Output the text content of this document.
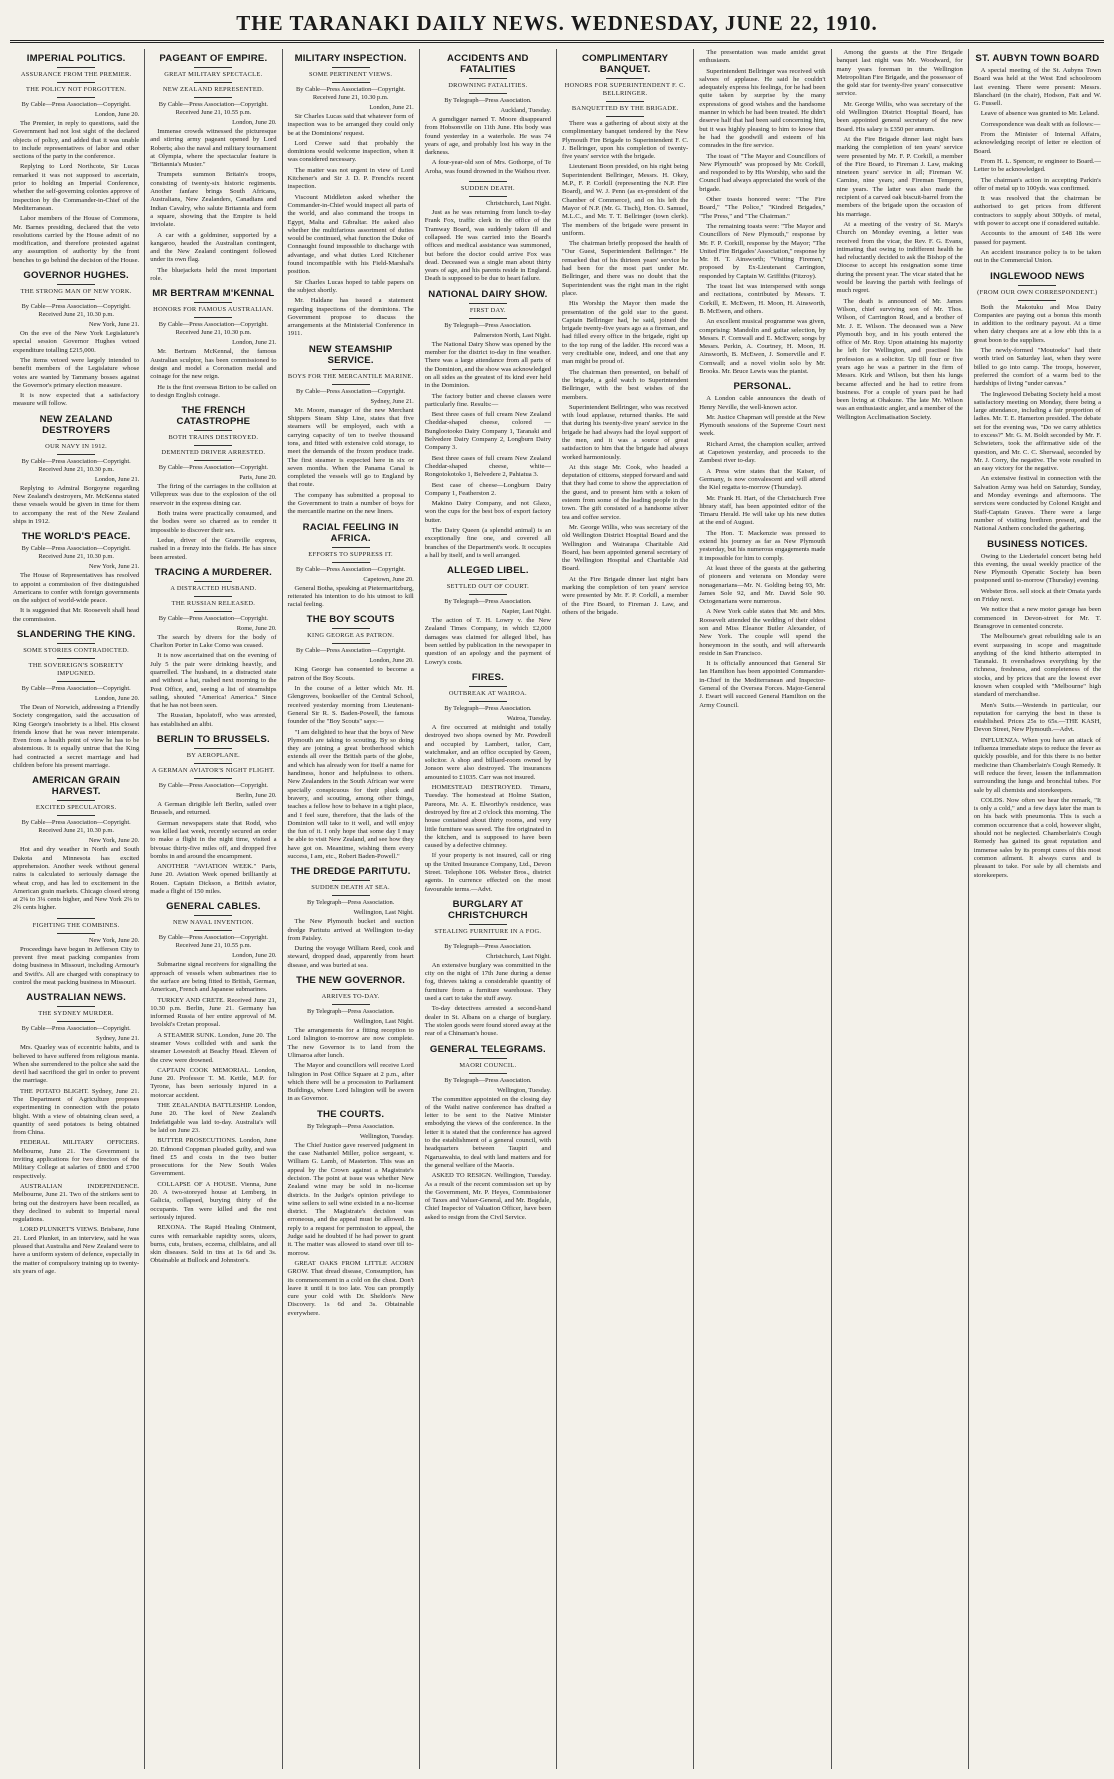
THE TARANAKI DAILY NEWS. WEDNESDAY, JUNE 22, 1910.
IMPERIAL POLITICS.
ASSURANCE FROM THE PREMIER.
THE POLICY NOT FORGOTTEN.
By Cable—Press Association—Copyright.
London, June 20.

The Premier, in reply to questions, said the Government had not lost sight of the declared objects of policy, and added that it was unable to include representatives of labor and other sections of the party in the conference.

Replying to Lord Northcote, Sir Lucas remarked it was not supposed to ascertain, prior to holding an Imperial Conference, whether the self-governing colonies approve of inspection by the Commander-in-Chief of the Mediterranean.

Labor members of the House of Commons, Mr. Barnes presiding, declared that the veto resolutions carried by the House admit of no modification, and therefore protested against any assumption of authority by the front benches to go behind the decision of the House.

GOVERNOR HUGHES.
THE STRONG MAN OF NEW YORK.
By Cable—Press Association—Copyright. Received June 21, 10.30 p.m.
New York, June 21.

On the eve of the New York Legislature's special session Governor Hughes vetoed expenditure totalling £215,000.

The items vetoed were largely intended to benefit members of the Legislature whose votes are wanted by Tammany bosses against the Governor's primary election measure.

It is now expected that a satisfactory measure will follow.

NEW ZEALAND DESTROYERS
OUR NAVY IN 1912.
By Cable—Press Association—Copyright. Received June 21, 10.30 p.m.
London, June 21.

Replying to Admiral Borgoyne regarding New Zealand's destroyers, Mr. McKenna stated these vessels would be given in time for them to accompany the rest of the New Zealand ships in 1912.

THE WORLD'S PEACE.
By Cable—Press Association—Copyright. Received June 21, 10.30 p.m.
New York, June 21.

The House of Representatives has resolved to appoint a commission of five distinguished Americans to confer with foreign governments on the subject of world-wide peace.

It is suggested that Mr. Roosevelt shall head the commission.

SLANDERING THE KING.
SOME STORIES CONTRADICTED.
THE SOVEREIGN'S SOBRIETY IMPUGNED.
By Cable—Press Association—Copyright.
London, June 20.

The Dean of Norwich, addressing a Friendly Society congregation, said the accusation of King George's insobriety is a libel. His closest friends know that he was never intemperate. Even from a health point of view he has to be abstemious. It is equally untrue that the King had contracted a secret marriage and had children before his present marriage.

AMERICAN GRAIN HARVEST.
EXCITED SPECULATORS.
By Cable—Press Association—Copyright. Received June 21, 10.30 p.m.
New York, June 20.

Hot and dry weather in North and South Dakota and Minnesota has excited apprehension. Another week without general rains is calculated to seriously damage the wheat crop, and has led to excitement in the American grain markets. Chicago closed strong at 2⅛ to 3¼ cents higher, and New York 2¼ to 2¾ cents higher.

FIGHTING THE COMBINES.
New York, June 20.

Proceedings have begun in Jefferson City to prevent five meat packing companies from doing business in Missouri, including Armour's and Swift's. All are charged with conspiracy to control the meat packing business in Missouri.

AUSTRALIAN NEWS.
THE SYDNEY MURDER.
By Cable—Press Association—Copyright.
Sydney, June 21.

Mrs. Quarley was of eccentric habits, and is believed to have suffered from religious mania. When she surrendered to the police she said the devil had sacrificed the girl in order to prevent the marriage.

THE POTATO BLIGHT. Sydney, June 21. The Department of Agriculture proposes experimenting in connection with the potato blight. With a view of obtaining clean seed, a quantity of seed potatoes is being obtained from China.

FEDERAL MILITARY OFFICERS. Melbourne, June 21. The Government is inviting applications for two directors of the Military College at salaries of £800 and £700 respectively.

AUSTRALIAN INDEPENDENCE. Melbourne, June 21. Two of the strikers sent to bring out the destroyers have been recalled, as they declined to submit to Imperial naval regulations.

LORD PLUNKET'S VIEWS. Brisbane, June 21. Lord Plunket, in an interview, said he was pleased that Australia and New Zealand were to have a uniform system of defence, especially in the matter of compulsory training up to twenty-six years of age.

PAGEANT OF EMPIRE.
GREAT MILITARY SPECTACLE.
NEW ZEALAND REPRESENTED.
By Cable—Press Association—Copyright. Received June 21, 10.55 p.m.
London, June 20.

Immense crowds witnessed the picturesque and stirring army pageant opened by Lord Roberts; also the naval and military tournament at Olympia, where the spectacular feature is "Britannia's Muster."

Trumpets summon Britain's troops, consisting of twenty-six historic regiments. Another fanfare brings South Africans, Australians, New Zealanders, Canadians and Indian Cavalry, who salute Britannia and form a square, showing that the Empire is held inviolate.

A car with a goldminer, supported by a kangaroo, headed the Australian contingent, and the New Zealand contingent followed under its own flag.

The bluejackets held the most important role.

MR BERTRAM M'KENNAL
HONORS FOR FAMOUS AUSTRALIAN.
By Cable—Press Association—Copyright. Received June 21, 10.30 p.m.
London, June 21.

Mr. Bertram McKennal, the famous Australian sculptor, has been commissioned to design and model a Coronation medal and coinage for the new reign.

He is the first overseas Briton to be called on to design English coinage.

THE FRENCH CATASTROPHE
BOTH TRAINS DESTROYED.
DEMENTED DRIVER ARRESTED.
By Cable—Press Association—Copyright.
Paris, June 20.

The firing of the carriages in the collision at Villepreux was due to the explosion of the oil reservoir in the express dining car.

Both trains were practically consumed, and the bodies were so charred as to render it impossible to discover their sex.

Ledue, driver of the Granville express, rushed in a frenzy into the fields. He has since been arrested.

TRACING A MURDERER.
A DISTRACTED HUSBAND.
THE RUSSIAN RELEASED.
By Cable—Press Association—Copyright.
Rome, June 20.

The search by divers for the body of Charlton Porter in Lake Como was ceased.

It is now ascertained that on the evening of July 5 the pair were drinking heavily, and quarrelled. The husband, in a distracted state and without a hat, rushed next morning to the Post Office, and, seeing a list of steamships sailing, shouted "America! America." Since that he has not been seen.

The Russian, Ispolatoff, who was arrested, has established an alibi.

BERLIN TO BRUSSELS.
BY AEROPLANE.
A GERMAN AVIATOR'S NIGHT FLIGHT.
By Cable—Press Association—Copyright.
Berlin, June 20.

A German dirigible left Berlin, sailed over Brussels, and returned.

German newspapers state that Rodd, who was killed last week, recently secured an order to make a flight in the night time, visited a bivouac thirty-five miles off, and dropped five bombs in and around the encampment.

ANOTHER "AVIATION WEEK." Paris, June 20. Aviation Week opened brilliantly at Rouen. Captain Dickson, a British aviator, made a flight of 150 miles.

GENERAL CABLES.
NEW NAVAL INVENTION.
By Cable—Press Association—Copyright. Received June 21, 10.55 p.m.
London, June 20.

Submarine signal receivers for signalling the approach of vessels when submarines rise to the surface are being fitted to British, German, American, French and Japanese submarines.

TURKEY AND CRETE. Received June 21, 10.30 p.m. Berlin, June 21. Germany has informed Russia of her entire approval of M. Isvolski's Cretan proposal.

A STEAMER SUNK. London, June 20. The steamer Vows collided with and sank the steamer Lowestoft at Beachy Head. Eleven of the crew were drowned.

CAPTAIN COOK MEMORIAL. London, June 20. Professor T. M. Kettle, M.P. for Tyrone, has been seriously injured in a motorcar accident.

THE ZEALANDIA BATTLESHIP. London, June 20. The keel of New Zealand's Indefatigable was laid to-day. Australia's will be laid on June 23.

BUTTER PROSECUTIONS. London, June 20. Edmond Coppman pleaded guilty, and was fined £5 and costs in the two butter prosecutions for the New South Wales Government.

COLLAPSE OF A HOUSE. Vienna, June 20. A two-storeyed house at Lemberg, in Galicia, collapsed, burying thirty of the occupants. Ten were killed and the rest seriously injured.

REXONA. The Rapid Healing Ointment, cures with remarkable rapidity sores, ulcers, burns, cuts, bruises, eczema, chilblains, and all skin diseases. Sold in tins at 1s 6d and 3s. Obtainable at Bullock and Johnston's.

MILITARY INSPECTION.
SOME PERTINENT VIEWS.
By Cable—Press Association—Copyright. Received June 21, 10.30 p.m.
London, June 21.

Sir Charles Lucas said that whatever form of inspection was to be arranged they could only be at the Dominions' request.

Lord Crewe said that probably the dominions would welcome inspection, when it was considered necessary.

The matter was not urgent in view of Lord Kitchener's and Sir J. D. P. French's recent inspection.

Viscount Middleton asked whether the Commander-in-Chief would inspect all parts of the world, and also command the troops in Egypt, Malta and Gibraltar. He asked also whether the multifarious assortment of duties would be continued, what function the Duke of Connaught found impossible to discharge with advantage, and what duties Lord Kitchener found incompatible with his Field-Marshal's position.

Sir Charles Lucas hoped to table papers on the subject shortly.

Mr. Haldane has issued a statement regarding inspections of the dominions. The Government propose to discuss the arrangements at the Ministerial Conference in 1911.

NEW STEAMSHIP SERVICE.
BOYS FOR THE MERCANTILE MARINE.
By Cable—Press Association—Copyright.
Sydney, June 21.

Mr. Moore, manager of the new Merchant Shippers Steam Ship Line, states that five steamers will be employed, each with a carrying capacity of ten to twelve thousand tons, and fitted with extensive cold storage, to meet the demands of the frozen produce trade. The first steamer is expected here in six or seven months. When the Panama Canal is completed the vessels will go to England by that route.

The company has submitted a proposal to the Government to train a number of boys for the mercantile marine on the new liners.

RACIAL FEELING IN AFRICA.
EFFORTS TO SUPPRESS IT.
By Cable—Press Association—Copyright.
Capetown, June 20.

General Botha, speaking at Pietermaritzburg, reiterated his intention to do his utmost to kill racial feeling.

THE BOY SCOUTS
KING GEORGE AS PATRON.
By Cable—Press Association—Copyright.
London, June 20.

King George has consented to become a patron of the Boy Scouts.

In the course of a letter which Mr. H. Glengroves, bookseller of the Central School, received yesterday morning from Lieutenant-General Sir R. S. Baden-Powell, the famous founder of the "Boy Scouts" says:—

"I am delighted to hear that the boys of New Plymouth are taking to scouting. By so doing they are joining a great brotherhood which extends all over the British parts of the globe, and which has already won for itself a name for handiness, honor and helpfulness to others. New Zealanders in the South African war were specially conspicuous for their pluck and bravery, and scouting, among other things, teaches a fellow how to behave in a tight place, and I feel sure, therefore, that the lads of the Dominion will take to it well, and will enjoy the fun of it. I only hope that some day I may be able to visit New Zealand, and see how they have got on. Meantime, wishing them every success, I am, etc., Robert Baden-Powell."

THE DREDGE PARITUTU.
SUDDEN DEATH AT SEA.
By Telegraph—Press Association.
Wellington, Last Night.

The New Plymouth bucket and suction dredge Paritutu arrived at Wellington to-day from Paisley.

During the voyage William Reed, cook and steward, dropped dead, apparently from heart disease, and was buried at sea.

THE NEW GOVERNOR.
ARRIVES TO-DAY.
By Telegraph—Press Association.
Wellington, Last Night.

The arrangements for a fitting reception to Lord Islington to-morrow are now complete. The new Governor is to land from the Ulimaroa after lunch.

The Mayor and councillors will receive Lord Islington in Post Office Square at 2 p.m., after which there will be a procession to Parliament Buildings, where Lord Islington will be sworn in as Governor.

THE COURTS.
By Telegraph—Press Association.
Wellington, Tuesday.

The Chief Justice gave reserved judgment in the case Nathaniel Miller, police sergeant, v. William G. Lamb, of Masterton. This was an appeal by the Crown against a Magistrate's decision. The point at issue was whether New Zealand wine may be sold in no-license districts. In the Judge's opinion privilege to wine sellers to sell wine existed in a no-license district. The Magistrate's decision was erroneous, and the appeal must be allowed. In reply to a request for permission to appeal, the Judge said he doubted if he had power to grant it. The matter was allowed to stand over till to-morrow.

GREAT OAKS FROM LITTLE ACORN GROW. That dread disease, Consumption, has its commencement in a cold on the chest. Don't leave it until it is too late. You can promptly cure your cold with Dr. Sheldon's New Discovery. 1s 6d and 3s. Obtainable everywhere.

ACCIDENTS AND FATALITIES
DROWNING FATALITIES.
By Telegraph—Press Association.
Auckland, Tuesday.

A gumdigger named T. Moore disappeared from Hobsonville on 11th June. His body was found yesterday in a waterhole. He was 74 years of age, and probably lost his way in the darkness.

A four-year-old son of Mrs. Gothorpe, of Te Aroha, was found drowned in the Waihou river.

SUDDEN DEATH.
Christchurch, Last Night.

Just as he was returning from lunch to-day Frank Fox, traffic clerk in the office of the Tramway Board, was suddenly taken ill and collapsed. He was carried into the Board's offices and medical assistance was summoned, but before the doctor could arrive Fox was dead. Deceased was a single man about thirty years of age, and his parents reside in England. Death is supposed to be due to heart failure.

NATIONAL DAIRY SHOW.
FIRST DAY.
By Telegraph—Press Association.
Palmerston North, Last Night.

The National Dairy Show was opened by the member for the district to-day in fine weather. There was a large attendance from all parts of the Dominion, and the show was acknowledged on all sides as the greatest of its kind ever held in the Dominion.

The factory butter and cheese classes were particularly fine. Results:—

Best three cases of full cream New Zealand Cheddar-shaped cheese, colored —Bunglootooko Dairy Company 1, Taranaki and Belvedere Dairy Company 2, Longburn Dairy Company 3.

Best three cases of full cream New Zealand Cheddar-shaped cheese, white—Rongotokotoko 1, Belvedere 2, Pahiatua 3.

Best case of cheese—Longburn Dairy Company 1, Featherston 2.

Makino Dairy Company, and not Glaxo, won the cups for the best box of export factory butter.

The Dairy Queen (a splendid animal) is an exceptionally fine one, and covered all branches of the Department's work. It occupies a hall by itself, and is well arranged.

ALLEGED LIBEL.
SETTLED OUT OF COURT.
By Telegraph—Press Association.
Napier, Last Night.

The action of T. H. Lowry v. the New Zealand Times Company, in which £2,000 damages was claimed for alleged libel, has been settled by publication in the newspaper in question of an apology and the payment of Lowry's costs.

FIRES.
OUTBREAK AT WAIROA.
By Telegraph—Press Association.
Wairoa, Tuesday.

A fire occurred at midnight and totally destroyed two shops owned by Mr. Powdrell and occupied by Lambert, tailor, Carr, watchmaker, and an office occupied by Green, solicitor. A shop and billiard-room owned by Jonson were also destroyed. The insurances amounted to £1035. Carr was not insured.

HOMESTEAD DESTROYED. Timaru, Tuesday. The homestead at Holme Station, Pareora, Mr. A. E. Elworthy's residence, was destroyed by fire at 2 o'clock this morning. The house contained about thirty rooms, and very little furniture was saved. The fire originated in the kitchen, and is supposed to have been caused by a defective chimney.

If your property is not insured, call or ring up the United Insurance Company, Ltd., Devon Street. Telephone 106. Webster Bros., district agents. In currence effected on the most favourable terms.—Advt.

BURGLARY AT CHRISTCHURCH
STEALING FURNITURE IN A FOG.
By Telegraph—Press Association.
Christchurch, Last Night.

An extensive burglary was committed in the city on the night of 17th June during a dense fog, thieves taking a considerable quantity of furniture from a furniture warehouse. They used a cart to take the stuff away.

To-day detectives arrested a second-hand dealer in St. Albans on a charge of burglary. The stolen goods were found stored away at the rear of a Chinaman's house.

GENERAL TELEGRAMS.
MAORI COUNCIL.
By Telegraph—Press Association.
Wellington, Tuesday.

The committee appointed on the closing day of the Waihi native conference has drafted a letter to be sent to the Native Minister embodying the views of the conference. In the letter it is stated that the conference has agreed to the establishment of a general council, with headquarters between Taupiri and Ngaruawahia, to deal with land matters and for the general welfare of the Maoris.

ASKED TO RESIGN. Wellington, Tuesday. As a result of the recent commission set up by the Government, Mr. P. Heyes, Commissioner of Taxes and Valuer-General, and Mr. Bogdale, Chief Inspector of Valuation Officer, have been asked to resign from the Civil Service.

COMPLIMENTARY BANQUET.
HONORS FOR SUPERINTENDENT F. C. BELLRINGER.
BANQUETTED BY THE BRIGADE.

There was a gathering of about sixty at the complimentary banquet tendered by the New Plymouth Fire Brigade to Superintendent F. C. J. Bellringer, upon his completion of twenty-five years' service with the brigade.

Lieutenant Boon presided, on his right being Superintendent Bellringer, Messrs. H. Okey, M.P., F. P. Corkill (representing the N.P. Fire Board), and W. J. Penn (as ex-president of the Chamber of Commerce), and on his left the Mayor of N.P. (Mr. G. Tisch), Hon. O. Samuel, M.L.C., and Mr. T. T. Bellringer (town clerk). The members of the brigade were present in uniform.

The chairman briefly proposed the health of "Our Guest, Superintendent Bellringer." He remarked that of his thirteen years' service he had been for the most part under Mr. Bellringer, and there was no doubt that the Superintendent was the right man in the right place.

His Worship the Mayor then made the presentation of the gold star to the guest. Captain Bellringer had, he said, joined the brigade twenty-five years ago as a fireman, and had filled every office in the brigade, right up to the top rung of the ladder. His record was a very creditable one, indeed, and one that any man might be proud of.

The chairman then presented, on behalf of the brigade, a gold watch to Superintendent Bellringer, with the best wishes of the members.

Superintendent Bellringer, who was received with loud applause, returned thanks. He said that during his twenty-five years' service in the brigade he had always had the loyal support of the men, and it was a source of great satisfaction to him that the brigade had always worked harmoniously.

At this stage Mr. Cook, who headed a deputation of citizens, stepped forward and said that they had come to show the appreciation of the guest, and to present him with a token of esteem from some of the leading people in the town. The gift consisted of a handsome silver tea and coffee service.

Mr. George Willis, who was secretary of the old Wellington District Hospital Board and the Wellington and Wairarapa Charitable Aid Board, has been appointed general secretary of the Wellington Hospital and Charitable Aid Board.

At the Fire Brigade dinner last night bars marking the completion of ten years' service were presented by Mr. F. P. Corkill, a member of the Fire Board, to Fireman J. Law, and others of the brigade.

The presentation was made amidst great enthusiasm.

Superintendent Bellringer was received with salvoes of applause. He said he couldn't adequately express his feelings, for he had been quite taken by surprise by the many expressions of good wishes and the handsome manner in which he had been treated. He didn't deserve half that had been said concerning him, but it was highly pleasing to him to know that he had the goodwill and esteem of his comrades in the fire service.

The toast of "The Mayor and Councillors of New Plymouth" was proposed by Mr. Corkill, and responded to by His Worship, who said the Council had always appreciated the work of the brigade.

Other toasts honored were: "The Fire Board," "The Police," "Kindred Brigades," "The Press," and "The Chairman."

The remaining toasts were: "The Mayor and Councillors of New Plymouth," response by Mr. F. P. Corkill, response by the Mayor; "The United Fire Brigades' Association," response by Mr. H. T. Ainsworth; "Visiting Firemen," proposed by Ex-Lieutenant Carrington, responded by Captain W. Griffiths (Fitzroy).

The toast list was interspersed with songs and recitations, contributed by Messrs. T. Corkill, E. McEwen, H. Moon, H. Ainsworth, B. McEwen, and others.

An excellent musical programme was given, comprising: Mandolin and guitar selection, by Messrs. F. Cornwall and E. McEwen; songs by Messrs. Perkin, A. Courtney, H. Moon, H. Ainsworth, B. McEwen, J. Somerville and F. Cornwall; and a novel violin solo by Mr. Brooks. Mr. Bruce Lewis was the pianist.

PERSONAL.

A London cable announces the death of Henry Neville, the well-known actor.

Mr. Justice Chapman will preside at the New Plymouth sessions of the Supreme Court next week.

Richard Arnst, the champion sculler, arrived at Capetown yesterday, and proceeds to the Zambesi river to-day.

A Press wire states that the Kaiser, of Germany, is now convalescent and will attend the Kiel regatta to-morrow (Thursday).

Mr. Frank H. Hart, of the Christchurch Free library staff, has been appointed editor of the Timaru Herald. He will take up his new duties at the end of August.

The Hon. T. Mackenzie was pressed to extend his journey as far as New Plymouth yesterday, but his numerous engagements made it impossible for him to comply.

At least three of the guests at the gathering of pioneers and veterans on Monday were nonagenarians—Mr. N. Golding being 93, Mr. James Sole 92, and Mr. David Sole 90. Octogenarians were numerous.

A New York cable states that Mr. and Mrs. Roosevelt attended the wedding of their eldest son and Miss Eleanor Butler Alexander, of New York. The couple will spend the honeymoon in the south, and will afterwards reside in San Francisco.

It is officially announced that General Sir Ian Hamilton has been appointed Commander-in-Chief in the Mediterranean and Inspector-General of the Oversea Forces. Major-General J. Ewart will succeed General Hamilton on the Army Council.

Among the guests at the Fire Brigade banquet last night was Mr. Woodward, for many years foreman in the Wellington Metropolitan Fire Brigade, and the possessor of the gold star for twenty-five years' consecutive service.

Mr. George Willis, who was secretary of the old Wellington District Hospital Board, has been appointed general secretary of the new Board. His salary is £350 per annum.

At the Fire Brigade dinner last night bars marking the completion of ten years' service were presented by Mr. F. P. Corkill, a member of the Fire Board, to Fireman J. Law, making nineteen years' service in all; Fireman W. Carnine, nine years; and Fireman Tempero, nine years. The latter was also made the recipient of a carved oak biscuit-barrel from the members of the brigade upon the occasion of his marriage.

At a meeting of the vestry of St. Mary's Church on Monday evening, a letter was received from the vicar, the Rev. F. G. Evans, intimating that owing to indifferent health he had reluctantly decided to ask the Bishop of the Diocese to accept his resignation some time during the present year. The vicar stated that he would be leaving the parish with feelings of much regret.

The death is announced of Mr. James Wilson, chief surviving son of Mr. Thos. Wilson, of Carrington Road, and a brother of Mr. J. E. Wilson. The deceased was a New Plymouth boy, and in his youth entered the office of Mr. Roy. Upon attaining his majority he left for Wellington, and practised his profession as a solicitor. Up till four or five years ago he was a partner in the firm of Messrs. Kirk and Wilson, but then his lungs became affected and he had to retire from business. For a couple of years past he had been living at Ohakune. The late Mr. Wilson was an enthusiastic angler, and a member of the Wellington Acclimatisation Society.

ST. AUBYN TOWN BOARD

A special meeting of the St. Aubyns Town Board was held at the West End schoolroom last evening. There were present: Messrs. Blanchard (in the chair), Hodson, Fait and W. G. Fussell.

Leave of absence was granted to Mr. Leland.

Correspondence was dealt with as follows:—

From the Minister of Internal Affairs, acknowledging receipt of letter re election of Board.

From H. L. Spencer, re engineer to Board.—Letter to be acknowledged.

The chairman's action in accepting Parkin's offer of metal up to 100yds. was confirmed.

It was resolved that the chairman be authorised to get prices from different contractors to supply about 300yds. of metal, with power to accept one if considered suitable.

Accounts to the amount of £48 18s were passed for payment.

An accident insurance policy is to be taken out in the Commercial Union.

INGLEWOOD NEWS
(FROM OUR OWN CORRESPONDENT.)

Both the Makotuku and Moa Dairy Companies are paying out a bonus this month in addition to the ordinary payout. At a time when dairy cheques are at a low ebb this is a great boon to the suppliers.

The newly-formed "Moutoeka" had their worth tried on Saturday last, when they were billed to go into camp. The troops, however, preferred the comfort of a warm bed to the hardships of living "under canvas."

The Inglewood Debating Society held a most satisfactory meeting on Monday, there being a large attendance, including a fair proportion of ladies. Mr. T. E. Hamerton presided. The debate set for the evening was, "Do we carry athletics to excess?" Mr. G. M. Boldt seconded by Mr. F. Schwieters, took the affirmative side of the question, and Mr. C. C. Sherwaal, seconded by Mr. J. Corry, the negative. The vote resulted in an easy victory for the negative.

An extensive festival in connection with the Salvation Army was held on Saturday, Sunday, and Monday evenings and afternoons. The services were conducted by Colonel Knight and Staff-Captain Graves. There were a large number of visiting brethren present, and the National Anthem concluded the gathering.

BUSINESS NOTICES.

Owing to the Liedertafel concert being held this evening, the usual weekly practice of the New Plymouth Operatic Society has been postponed until to-morrow (Thursday) evening.

Webster Bros. sell stock at their Omata yards on Friday next.

We notice that a new motor garage has been commenced in Devon-street for Mr. T. Bransgrove in cemented concrete.

The Melbourne's great rebuilding sale is an event surpassing in scope and magnitude anything of the kind hitherto attempted in Taranaki. It overshadows everything by the richness, freshness, and completeness of the stocks, and by prices that are the lowest ever known when coupled with "Melbourne" high standard of merchandise.

Men's Suits.—Westends in particular, our reputation for carrying the best in these is established. Prices 25s to 65s.—THE KASH, Devon Street, New Plymouth.—Advt.

INFLUENZA. When you have an attack of influenza immediate steps to reduce the fever as quickly possible, and for this there is no better medicine than Chamberlain's Cough Remedy. It will reduce the fever, lessen the inflammation surrounding the lungs and bronchial tubes. For sale by all chemists and storekeepers.

COLDS. Now often we hear the remark, "It is only a cold," and a few days later the man is on his back with pneumonia. This is such a common occurrence that a cold, however slight, should not be neglected. Chamberlain's Cough Remedy has gained its great reputation and immense sales by its prompt cures of this most common ailment. It always cures and is pleasant to take. For sale by all chemists and storekeepers.
